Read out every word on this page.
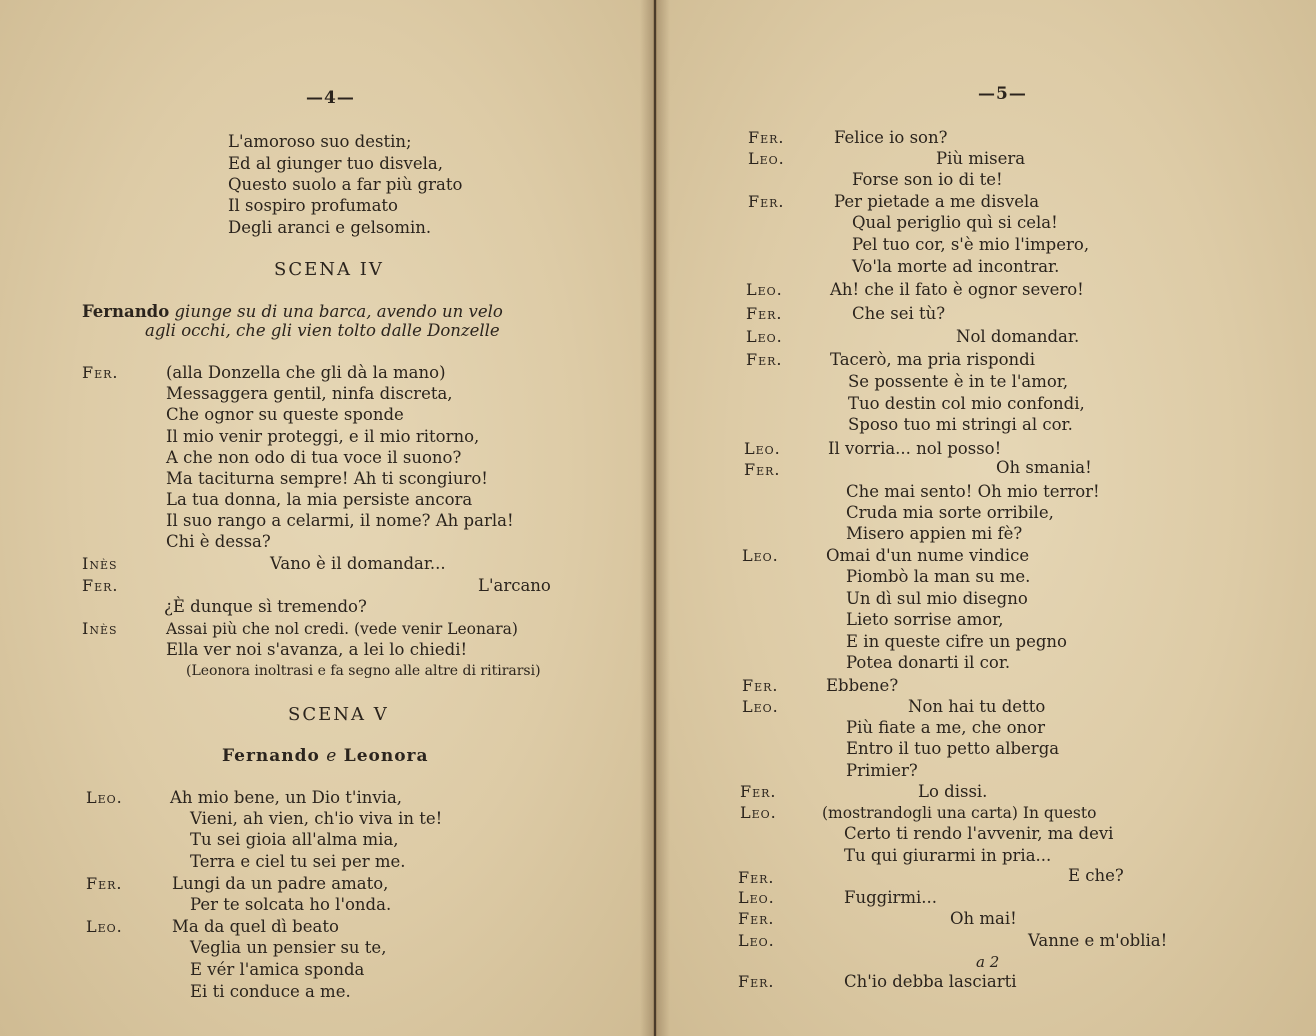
—4—
L'amoroso suo destin;
Ed al giunger tuo disvela,
Questo suolo a far più grato
Il sospiro profumato
Degli aranci e gelsomin.
SCENA IV
Fernando giunge su di una barca, avendo un velo
agli occhi, che gli vien tolto dalle Donzelle
Fer.	(alla Donzella che gli dà la mano)
Messaggera gentil, ninfa discreta,
Che ognor su queste sponde
Il mio venir proteggi, e il mio ritorno,
A che non odo di tua voce il suono?
Ma taciturna sempre! Ah ti scongiuro!
La tua donna, la mia persiste ancora
Il suo rango a celarmi, il nome? Ah parla!
Chi è dessa?
Inès	Vano è il domandar...
Fer.	L'arcano
¿È dunque sì tremendo?
Inès	Assai più che nol credi. (vede venir Leonara)
Ella ver noi s'avanza, a lei lo chiedi!
(Leonora inoltrasi e fa segno alle altre di ritirarsi)
SCENA V
Fernando e Leonora
Leo.	Ah mio bene, un Dio t'invia,
Vieni, ah vien, ch'io viva in te!
Tu sei gioia all'alma mia,
Terra e ciel tu sei per me.
Fer.	Lungi da un padre amato,
Per te solcata ho l'onda.
Leo.	Ma da quel dì beato
Veglia un pensier su te,
E vér l'amica sponda
Ei ti conduce a me.
—5—
Fer.	Felice io son?
Leo.	Più misera
Forse son io di te!
Fer.	Per pietade a me disvela
Qual periglio quì si cela!
Pel tuo cor, s'è mio l'impero,
Vo'la morte ad incontrar.
Leo.	Ah! che il fato è ognor severo!
Fer.	Che sei tù?
Leo.	Nol domandar.
Fer.	Tacerò, ma pria rispondi
Se possente è in te l'amor,
Tuo destin col mio confondi,
Sposo tuo mi stringi al cor.
Leo.	Il vorria... nol posso!
Fer.	Oh smania!
Che mai sento! Oh mio terror!
Cruda mia sorte orribile,
Misero appien mi fè?
Leo.	Omai d'un nume vindice
Piombò la man su me.
Un dì sul mio disegno
Lieto sorrise amor,
E in queste cifre un pegno
Potea donarti il cor.
Fer.	Ebbene?
Leo.	Non hai tu detto
Più fiate a me, che onor
Entro il tuo petto alberga
Primier?
Fer.	Lo dissi.
Leo.	(mostrandogli una carta) In questo
Certo ti rendo l'avvenir, ma devi
Tu qui giurarmi in pria...
Fer.	E che?
Leo.	Fuggirmi...
Fer.	Oh mai!
Leo.	Vanne e m'oblia!
a 2
Fer.	Ch'io debba lasciarti
